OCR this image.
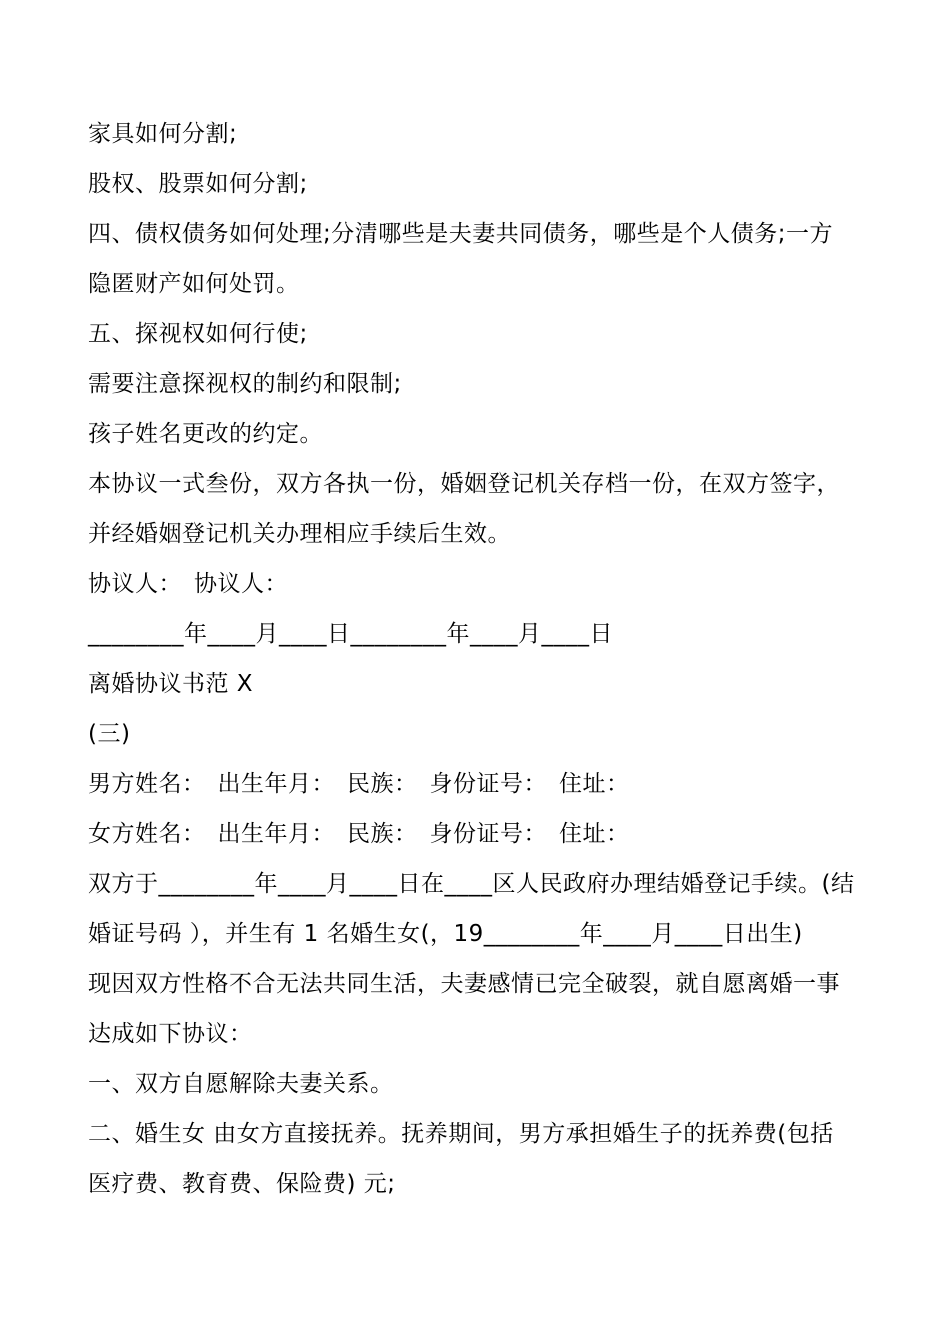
家具如何分割;
股权、股票如何分割;
四、债权债务如何处理;分清哪些是夫妻共同债务，哪些是个人债务;一方
隐匿财产如何处罚。
五、探视权如何行使;
需要注意探视权的制约和限制;
孩子姓名更改的约定。
本协议一式叁份，双方各执一份，婚姻登记机关存档一份，在双方签字，
并经婚姻登记机关办理相应手续后生效。
协议人：　协议人：
________年____月____日________年____月____日
离婚协议书范 X
(三)
男方姓名：　出生年月：　民族：　身份证号：　住址：
女方姓名：　出生年月：　民族：　身份证号：　住址：
双方于________年____月____日在____区人民政府办理结婚登记手续。(结
婚证号码 ），并生有 1 名婚生女(，19________年____月____日出生)
现因双方性格不合无法共同生活，夫妻感情已完全破裂，就自愿离婚一事
达成如下协议：
一、双方自愿解除夫妻关系。
二、婚生女 由女方直接抚养。抚养期间，男方承担婚生子的抚养费(包括
医疗费、教育费、保险费) 元;
